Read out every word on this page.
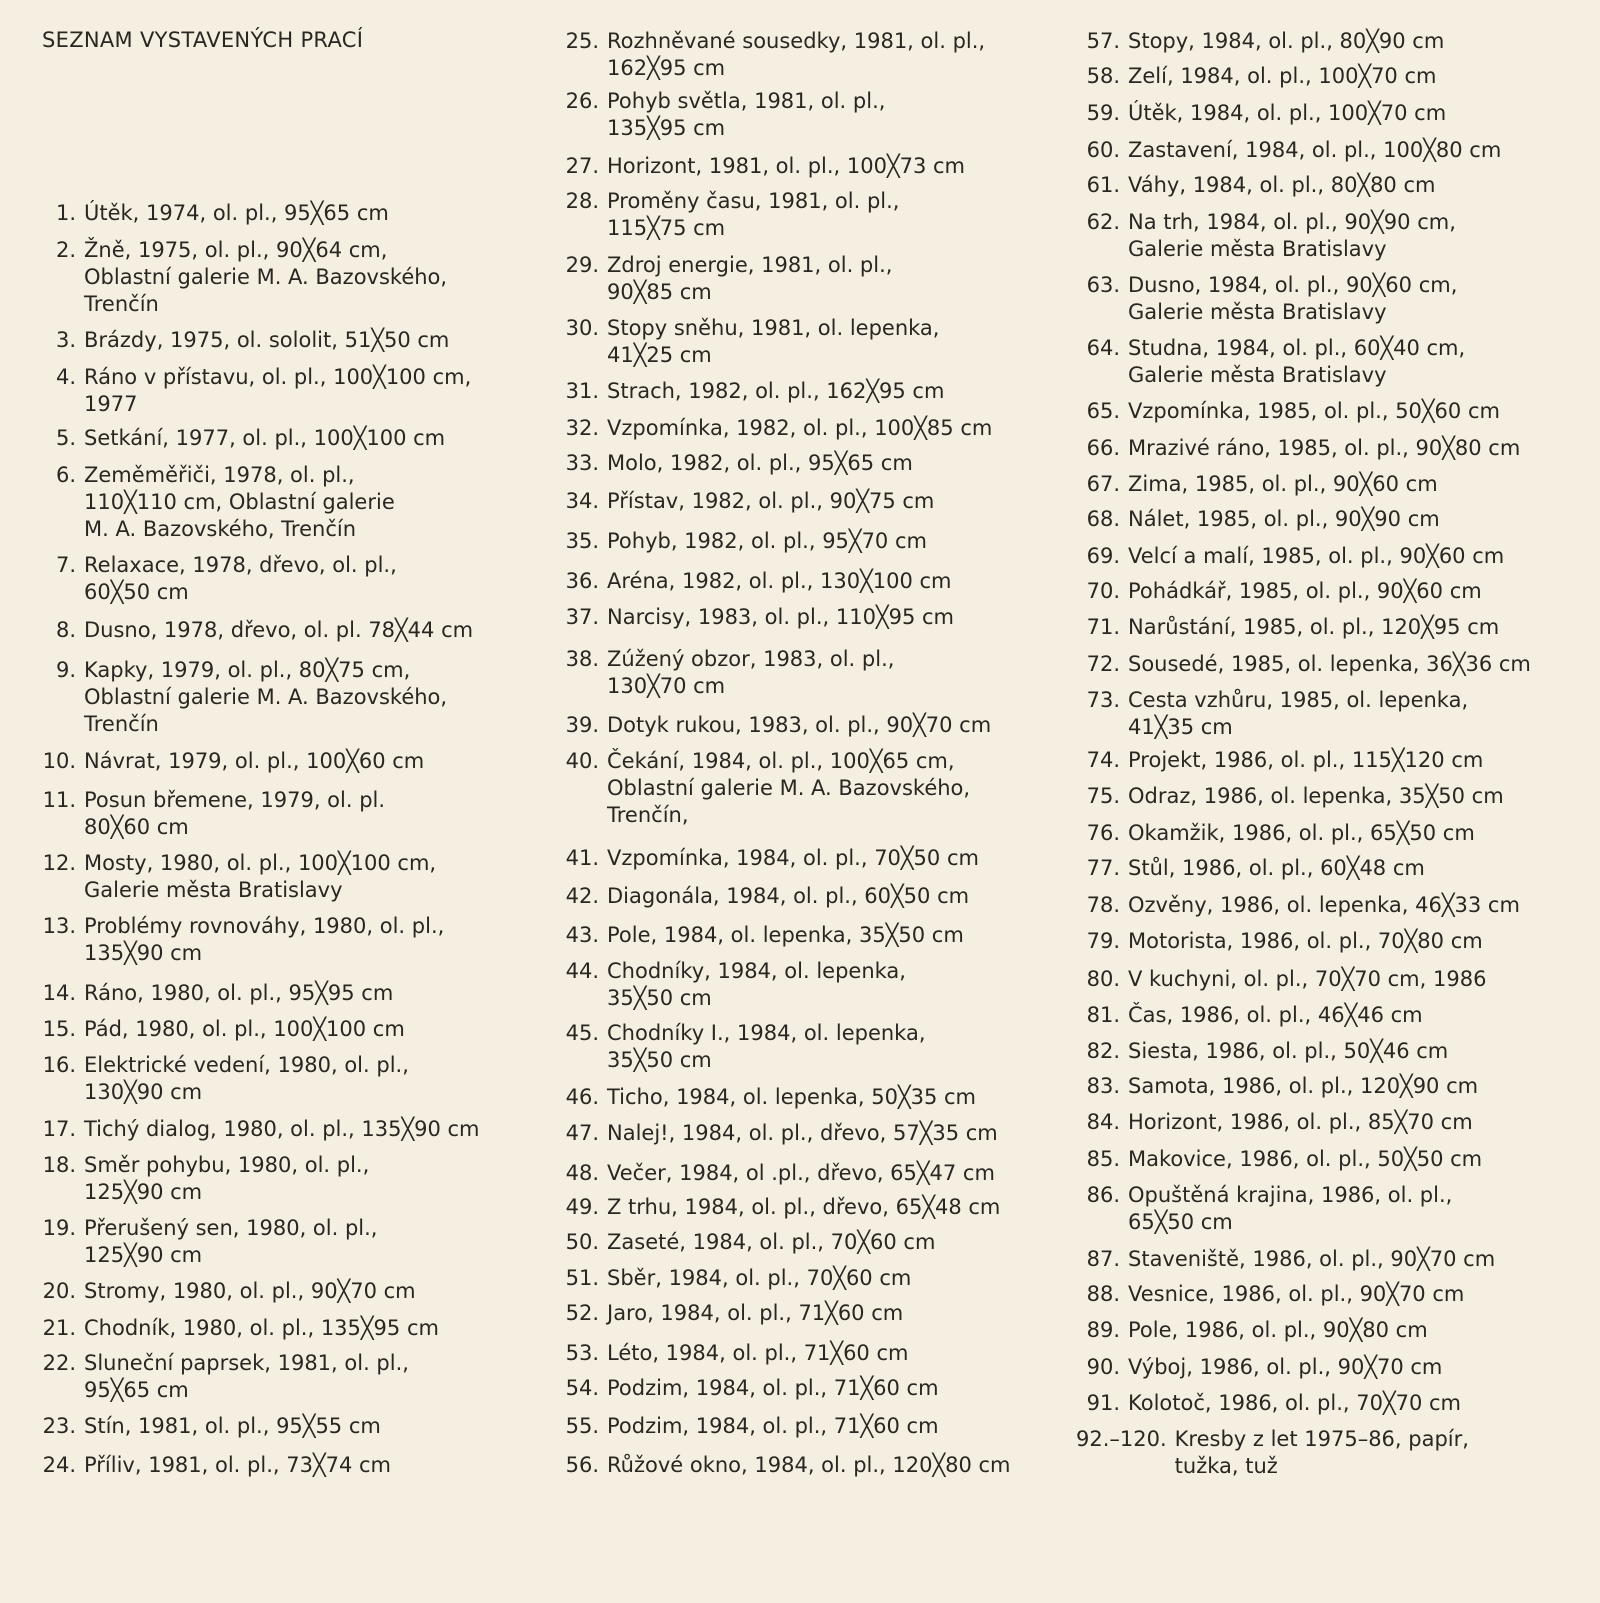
SEZNAM VYSTAVENÝCH PRACÍ
1. Útěk, 1974, ol. pl., 95╳65 cm
2. Žně, 1975, ol. pl., 90╳64 cm,
Oblastní galerie M. A. Bazovského,
Trenčín
3. Brázdy, 1975, ol. sololit, 51╳50 cm
4. Ráno v přístavu, ol. pl., 100╳100 cm,
1977
5. Setkání, 1977, ol. pl., 100╳100 cm
6. Zeměměřiči, 1978, ol. pl.,
110╳110 cm, Oblastní galerie
M. A. Bazovského, Trenčín
7. Relaxace, 1978, dřevo, ol. pl.,
60╳50 cm
8. Dusno, 1978, dřevo, ol. pl. 78╳44 cm
9. Kapky, 1979, ol. pl., 80╳75 cm,
Oblastní galerie M. A. Bazovského,
Trenčín
10. Návrat, 1979, ol. pl., 100╳60 cm
11. Posun břemene, 1979, ol. pl.
80╳60 cm
12. Mosty, 1980, ol. pl., 100╳100 cm,
Galerie města Bratislavy
13. Problémy rovnováhy, 1980, ol. pl.,
135╳90 cm
14. Ráno, 1980, ol. pl., 95╳95 cm
15. Pád, 1980, ol. pl., 100╳100 cm
16. Elektrické vedení, 1980, ol. pl.,
130╳90 cm
17. Tichý dialog, 1980, ol. pl., 135╳90 cm
18. Směr pohybu, 1980, ol. pl.,
125╳90 cm
19. Přerušený sen, 1980, ol. pl.,
125╳90 cm
20. Stromy, 1980, ol. pl., 90╳70 cm
21. Chodník, 1980, ol. pl., 135╳95 cm
22. Sluneční paprsek, 1981, ol. pl.,
95╳65 cm
23. Stín, 1981, ol. pl., 95╳55 cm
24. Příliv, 1981, ol. pl., 73╳74 cm
25. Rozhněvané sousedky, 1981, ol. pl.,
162╳95 cm
26. Pohyb světla, 1981, ol. pl.,
135╳95 cm
27. Horizont, 1981, ol. pl., 100╳73 cm
28. Proměny času, 1981, ol. pl.,
115╳75 cm
29. Zdroj energie, 1981, ol. pl.,
90╳85 cm
30. Stopy sněhu, 1981, ol. lepenka,
41╳25 cm
31. Strach, 1982, ol. pl., 162╳95 cm
32. Vzpomínka, 1982, ol. pl., 100╳85 cm
33. Molo, 1982, ol. pl., 95╳65 cm
34. Přístav, 1982, ol. pl., 90╳75 cm
35. Pohyb, 1982, ol. pl., 95╳70 cm
36. Aréna, 1982, ol. pl., 130╳100 cm
37. Narcisy, 1983, ol. pl., 110╳95 cm
38. Zúžený obzor, 1983, ol. pl.,
130╳70 cm
39. Dotyk rukou, 1983, ol. pl., 90╳70 cm
40. Čekání, 1984, ol. pl., 100╳65 cm,
Oblastní galerie M. A. Bazovského,
Trenčín,
41. Vzpomínka, 1984, ol. pl., 70╳50 cm
42. Diagonála, 1984, ol. pl., 60╳50 cm
43. Pole, 1984, ol. lepenka, 35╳50 cm
44. Chodníky, 1984, ol. lepenka,
35╳50 cm
45. Chodníky I., 1984, ol. lepenka,
35╳50 cm
46. Ticho, 1984, ol. lepenka, 50╳35 cm
47. Nalej!, 1984, ol. pl., dřevo, 57╳35 cm
48. Večer, 1984, ol .pl., dřevo, 65╳47 cm
49. Z trhu, 1984, ol. pl., dřevo, 65╳48 cm
50. Zaseté, 1984, ol. pl., 70╳60 cm
51. Sběr, 1984, ol. pl., 70╳60 cm
52. Jaro, 1984, ol. pl., 71╳60 cm
53. Léto, 1984, ol. pl., 71╳60 cm
54. Podzim, 1984, ol. pl., 71╳60 cm
55. Podzim, 1984, ol. pl., 71╳60 cm
56. Růžové okno, 1984, ol. pl., 120╳80 cm
57. Stopy, 1984, ol. pl., 80╳90 cm
58. Zelí, 1984, ol. pl., 100╳70 cm
59. Útěk, 1984, ol. pl., 100╳70 cm
60. Zastavení, 1984, ol. pl., 100╳80 cm
61. Váhy, 1984, ol. pl., 80╳80 cm
62. Na trh, 1984, ol. pl., 90╳90 cm,
Galerie města Bratislavy
63. Dusno, 1984, ol. pl., 90╳60 cm,
Galerie města Bratislavy
64. Studna, 1984, ol. pl., 60╳40 cm,
Galerie města Bratislavy
65. Vzpomínka, 1985, ol. pl., 50╳60 cm
66. Mrazivé ráno, 1985, ol. pl., 90╳80 cm
67. Zima, 1985, ol. pl., 90╳60 cm
68. Nálet, 1985, ol. pl., 90╳90 cm
69. Velcí a malí, 1985, ol. pl., 90╳60 cm
70. Pohádkář, 1985, ol. pl., 90╳60 cm
71. Narůstání, 1985, ol. pl., 120╳95 cm
72. Sousedé, 1985, ol. lepenka, 36╳36 cm
73. Cesta vzhůru, 1985, ol. lepenka,
41╳35 cm
74. Projekt, 1986, ol. pl., 115╳120 cm
75. Odraz, 1986, ol. lepenka, 35╳50 cm
76. Okamžik, 1986, ol. pl., 65╳50 cm
77. Stůl, 1986, ol. pl., 60╳48 cm
78. Ozvěny, 1986, ol. lepenka, 46╳33 cm
79. Motorista, 1986, ol. pl., 70╳80 cm
80. V kuchyni, ol. pl., 70╳70 cm, 1986
81. Čas, 1986, ol. pl., 46╳46 cm
82. Siesta, 1986, ol. pl., 50╳46 cm
83. Samota, 1986, ol. pl., 120╳90 cm
84. Horizont, 1986, ol. pl., 85╳70 cm
85. Makovice, 1986, ol. pl., 50╳50 cm
86. Opuštěná krajina, 1986, ol. pl.,
65╳50 cm
87. Staveniště, 1986, ol. pl., 90╳70 cm
88. Vesnice, 1986, ol. pl., 90╳70 cm
89. Pole, 1986, ol. pl., 90╳80 cm
90. Výboj, 1986, ol. pl., 90╳70 cm
91. Kolotoč, 1986, ol. pl., 70╳70 cm
92.–120. Kresby z let 1975–86, papír,
tužka, tuž
